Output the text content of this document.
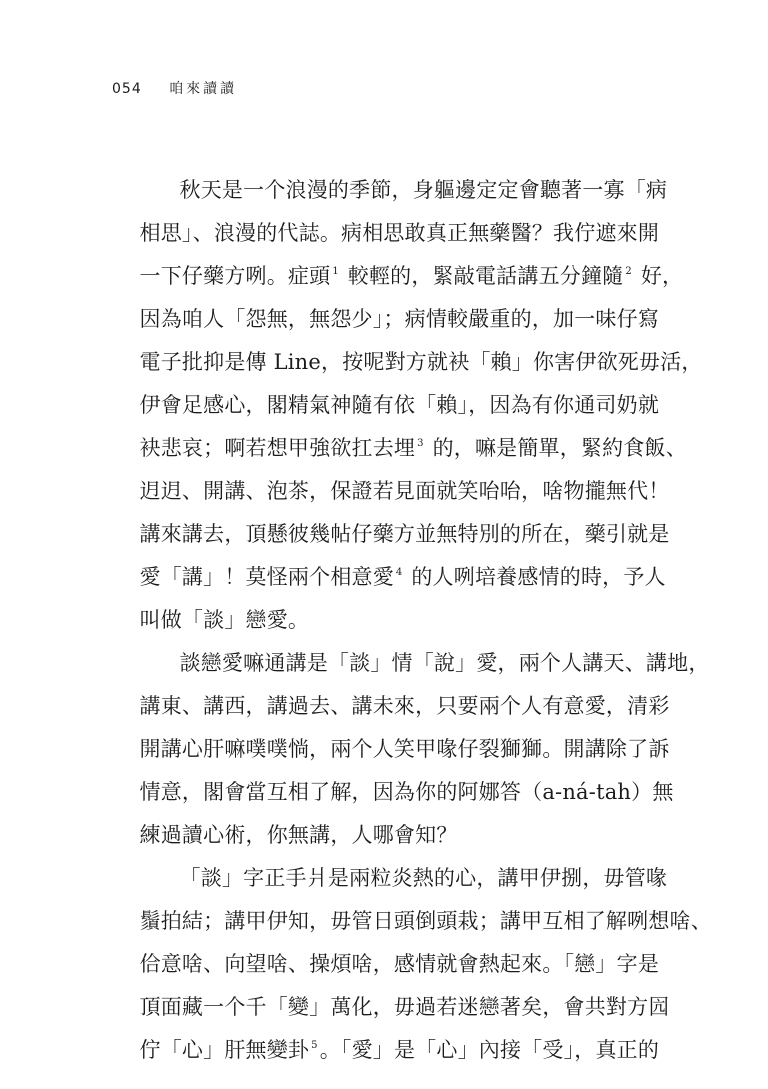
054 咱來讀讀

秋天是一个浪漫的季節，身軀邊定定會聽著一寡「病

相思」、浪漫的代誌。病相思敢真正無藥醫？我佇遮來開

一下仔藥方咧。症頭 $^1$ 較輕的，緊敲電話講五分鐘隨 $^2$ 好，

因為咱人「怨無，無怨少」；病情較嚴重的，加一味仔寫

電子批抑是傳 Line，按呢對方就袂「賴」你害伊欲死毋活，

伊會足感心，閣精氣神隨有依「賴」，因為有你通司奶就

袂悲哀；啊若想甲強欲扛去埋 $^3$ 的，嘛是簡單，緊約食飯、

迌迌、開講、泡茶，保證若見面就笑咍咍，啥物攏無代！

講來講去，頂懸彼幾帖仔藥方並無特別的所在，藥引就是

愛「講」！莫怪兩个相意愛 $^4$ 的人咧培養感情的時，予人

叫做「談」戀愛。

談戀愛嘛通講是「談」情「說」愛，兩个人講天、講地，

講東、講西，講過去、講未來，只要兩个人有意愛，清彩

開講心肝嘛噗噗惝，兩个人笑甲喙仔裂獅獅。開講除了訴

情意，閣會當互相了解，因為你的阿娜答（a-ná-tah）無

練過讀心術，你無講，人哪會知？

「談」字正手爿是兩粒炎熱的心，講甲伊捌，毋管喙

鬚拍結；講甲伊知，毋管日頭倒頭栽；講甲互相了解咧想啥、

佮意啥、向望啥、操煩啥，感情就會熱起來。「戀」字是

頂面藏一个千「變」萬化，毋過若迷戀著矣，會共對方囥

佇「心」肝無變卦 $^5$。「愛」是「心」內接「受」，真正的
